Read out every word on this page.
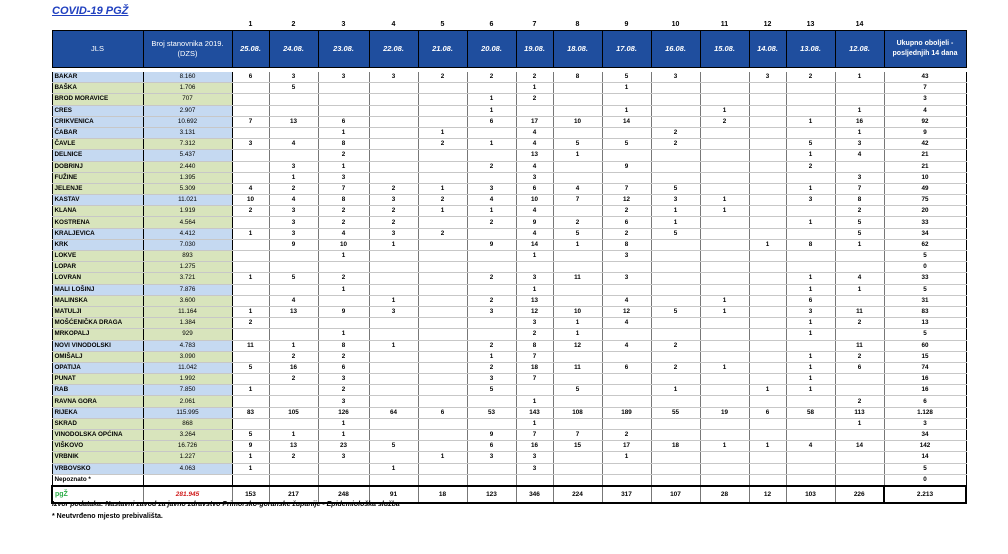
COVID-19 PGŽ
		1	2	3	4	5	6	7	8	9	10	11	12	13	14	
JLS	Broj stanovnika 2019. (DZS)	25.08.	24.08.	23.08.	22.08.	21.08.	20.08.	19.08.	18.08.	17.08.	16.08.	15.08.	14.08.	13.08.	12.08.	Ukupno oboljeli - posljednjih 14 dana

BAKAR	8.160	6	3	3	3	2	2	2	8	5	3		3	2	1	43
BAŠKA	1.706		5					1		1						7
BROD MORAVICE	707						1	2								3
CRES	2.907						1			1		1			1	4
CRIKVENICA	10.692	7	13	6			6	17	10	14		2		1	16	92
ČABAR	3.131			1		1		4			2				1	9
ČAVLE	7.312	3	4	8		2	1	4	5	5	2			5	3	42
DELNICE	5.437			2				13	1					1	4	21
DOBRINJ	2.440		3	1			2	4		9				2		21
FUŽINE	1.395		1	3				3							3	10
JELENJE	5.309	4	2	7	2	1	3	6	4	7	5			1	7	49
KASTAV	11.021	10	4	8	3	2	4	10	7	12	3	1		3	8	75
KLANA	1.919	2	3	2	2	1	1	4		2	1	1			2	20
KOSTRENA	4.564		3	2	2		2	9	2	6	1			1	5	33
KRALJEVICA	4.412	1	3	4	3	2		4	5	2	5				5	34
KRK	7.030		9	10	1		9	14	1	8			1	8	1	62
LOKVE	893			1				1		3						5
LOPAR	1.275															0
LOVRAN	3.721	1	5	2			2	3	11	3				1	4	33
MALI LOŠINJ	7.876			1				1						1	1	5
MALINSKA	3.600		4		1		2	13		4		1		6		31
MATULJI	11.164	1	13	9	3		3	12	10	12	5	1		3	11	83
MOŠĆENIČKA DRAGA	1.384	2						3	1	4				1	2	13
MRKOPALJ	929			1				2	1					1		5
NOVI VINODOLSKI	4.783	11	1	8	1		2	8	12	4	2				11	60
OMIŠALJ	3.090		2	2			1	7						1	2	15
OPATIJA	11.042	5	16	6			2	18	11	6	2	1		1	6	74
PUNAT	1.992		2	3			3	7						1		16
RAB	7.850	1		2			5		5		1		1	1		16
RAVNA GORA	2.061			3				1							2	6
RIJEKA	115.995	83	105	126	64	6	53	143	108	189	55	19	6	58	113	1.128
SKRAD	868			1				1							1	3
VINODOLSKA OPĆINA	3.264	5	1	1			9	7	7	2						34
VIŠKOVO	16.726	9	13	23	5		6	16	15	17	18	1	1	4	14	142
VRBNIK	1.227	1	2	3		1	3	3		1						14
VRBOVSKO	4.063	1			1			3								5
Nepoznato *																0
pgŽ	281.945	153	217	248	91	18	123	346	224	317	107	28	12	103	226	2.213
Izvor podataka: Nastavni zavod za javno zdravstvo Primorsko-goranske županije - Epidemiološka služba
* Neutvrđeno mjesto prebivališta.
